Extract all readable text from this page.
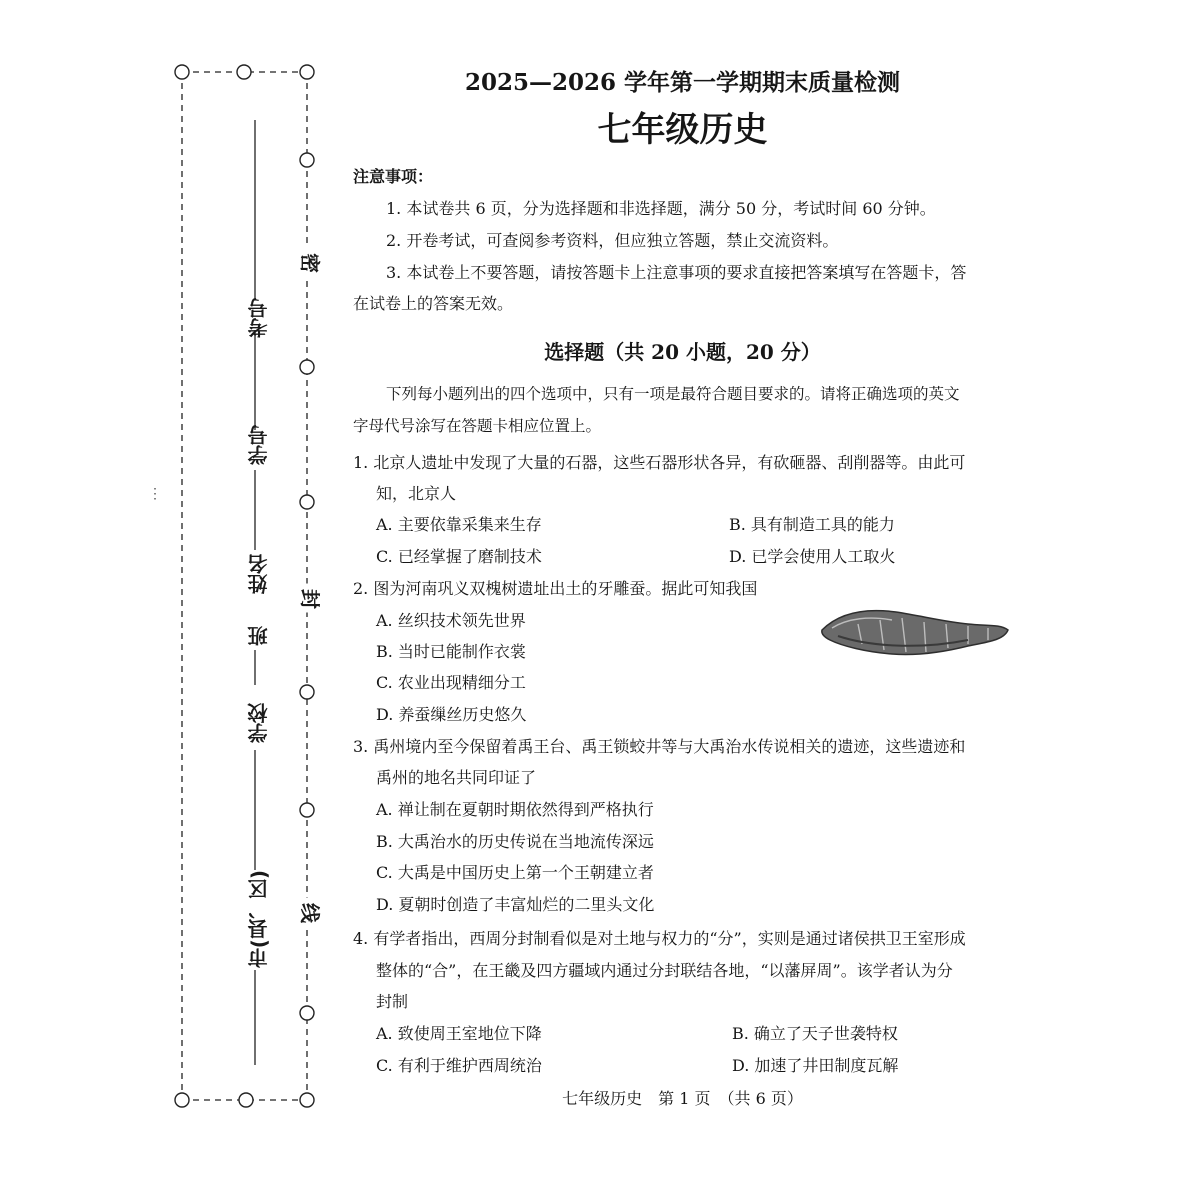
考号
学号
姓名
班
学校
市(县、区)
密
封
线
⋮
2025—2026 学年第一学期期末质量检测
七年级历史
注意事项：
1. 本试卷共 6 页，分为选择题和非选择题，满分 50 分，考试时间 60 分钟。
2. 开卷考试，可查阅参考资料，但应独立答题，禁止交流资料。
3. 本试卷上不要答题，请按答题卡上注意事项的要求直接把答案填写在答题卡，答
在试卷上的答案无效。
选择题（共 20 小题，20 分）
下列每小题列出的四个选项中，只有一项是最符合题目要求的。请将正确选项的英文
字母代号涂写在答题卡相应位置上。
1. 北京人遗址中发现了大量的石器，这些石器形状各异，有砍砸器、刮削器等。由此可
知，北京人
A. 主要依靠采集来生存	B. 具有制造工具的能力
C. 已经掌握了磨制技术	D. 已学会使用人工取火
2. 图为河南巩义双槐树遗址出土的牙雕蚕。据此可知我国
A. 丝织技术领先世界
B. 当时已能制作衣裳
C. 农业出现精细分工
D. 养蚕缫丝历史悠久
3. 禹州境内至今保留着禹王台、禹王锁蛟井等与大禹治水传说相关的遗迹，这些遗迹和
禹州的地名共同印证了
A. 禅让制在夏朝时期依然得到严格执行
B. 大禹治水的历史传说在当地流传深远
C. 大禹是中国历史上第一个王朝建立者
D. 夏朝时创造了丰富灿烂的二里头文化
4. 有学者指出，西周分封制看似是对土地与权力的“分”，实则是通过诸侯拱卫王室形成
整体的“合”，在王畿及四方疆域内通过分封联结各地，“以藩屏周”。该学者认为分
封制
A. 致使周王室地位下降	B. 确立了天子世袭特权
C. 有利于维护西周统治	D. 加速了井田制度瓦解
七年级历史　第 1 页　（共 6 页）
